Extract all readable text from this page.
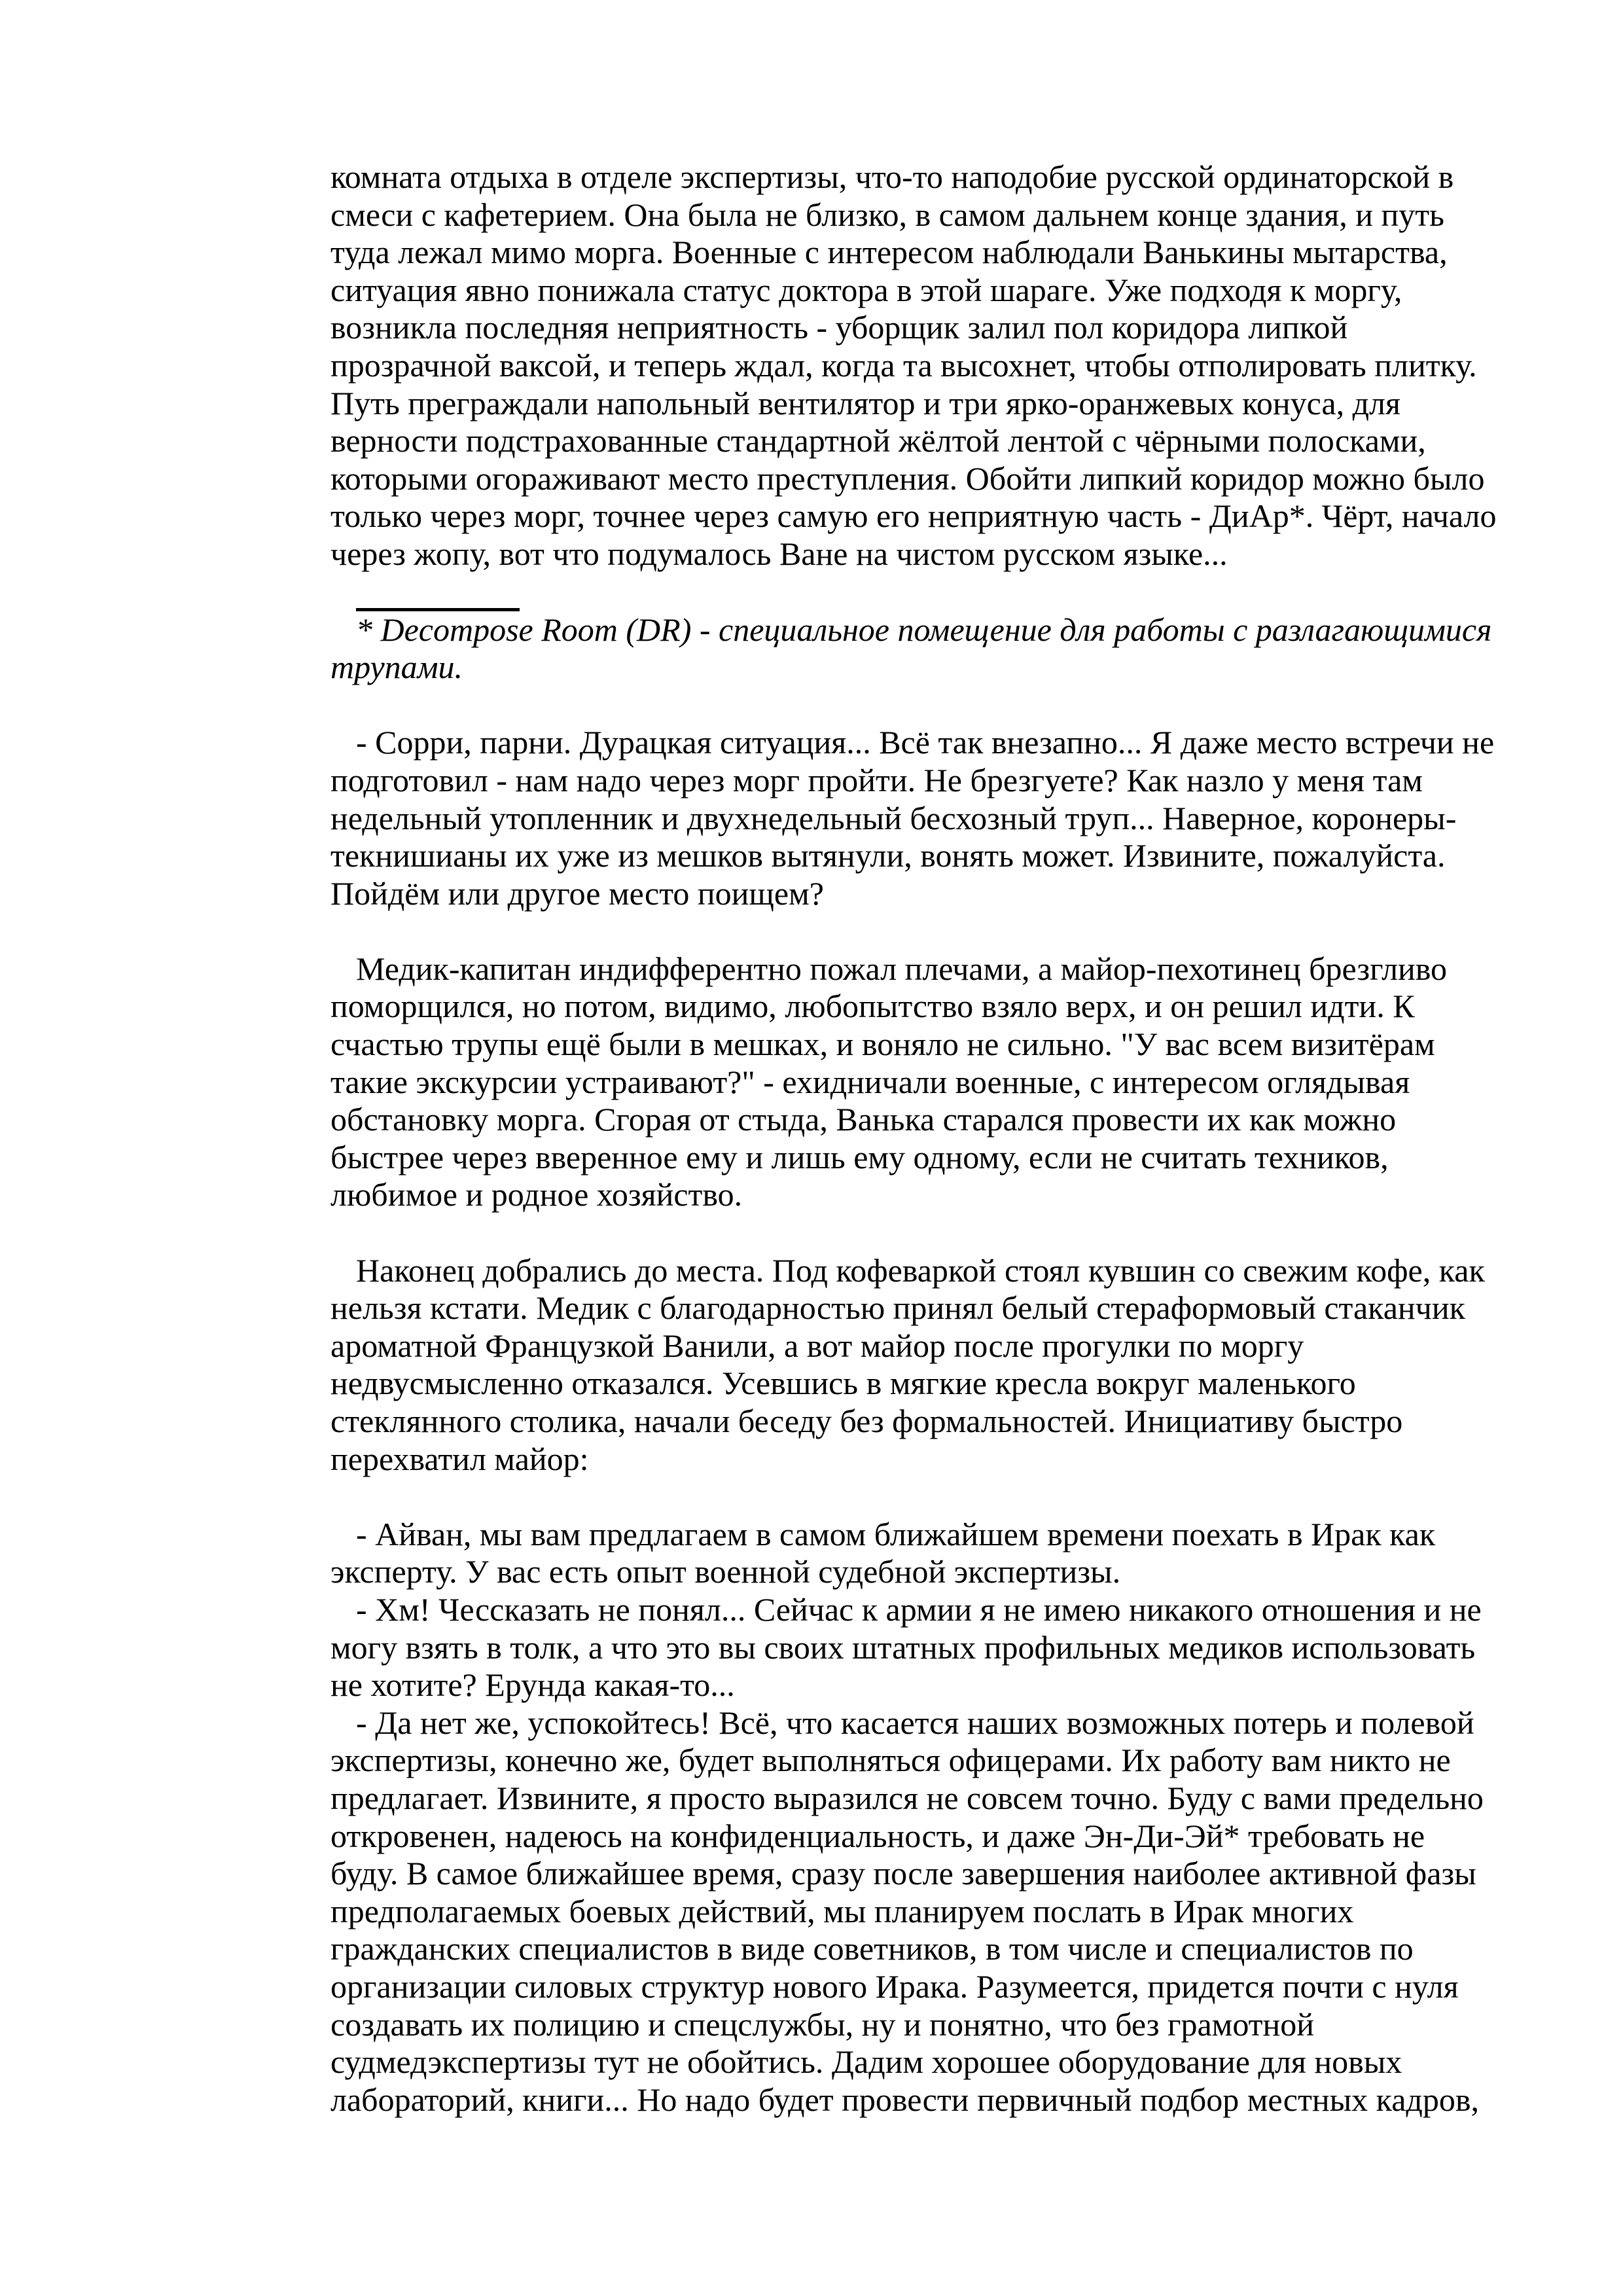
комната отдыха в отделе экспертизы, что-то наподобие русской ординаторской в
смеси с кафетерием. Она была не близко, в самом дальнем конце здания, и путь
туда лежал мимо морга. Военные с интересом наблюдали Ванькины мытарства,
ситуация явно понижала статус доктора в этой шараге. Уже подходя к моргу,
возникла последняя неприятность - уборщик залил пол коридора липкой
прозрачной ваксой, и теперь ждал, когда та высохнет, чтобы отполировать плитку.
Путь преграждали напольный вентилятор и три ярко-оранжевых конуса, для
верности подстрахованные стандартной жёлтой лентой с чёрными полосками,
которыми огораживают место преступления. Обойти липкий коридор можно было
только через морг, точнее через самую его неприятную часть - ДиАр*. Чёрт, начало
через жопу, вот что подумалось Ване на чистом русском языке...
* Decompose Room (DR) - специальное помещение для работы с разлагающимися
трупами.
- Сорри, парни. Дурацкая ситуация... Всё так внезапно... Я даже место встречи не
подготовил - нам надо через морг пройти. Не брезгуете? Как назло у меня там
недельный утопленник и двухнедельный бесхозный труп... Наверное, коронеры-
текнишианы их уже из мешков вытянули, вонять может. Извините, пожалуйста.
Пойдём или другое место поищем?
Медик-капитан индифферентно пожал плечами, а майор-пехотинец брезгливо
поморщился, но потом, видимо, любопытство взяло верх, и он решил идти. К
счастью трупы ещё были в мешках, и воняло не сильно. "У вас всем визитёрам
такие экскурсии устраивают?" - ехидничали военные, с интересом оглядывая
обстановку морга. Сгорая от стыда, Ванька старался провести их как можно
быстрее через вверенное ему и лишь ему одному, если не считать техников,
любимое и родное хозяйство.
Наконец добрались до места. Под кофеваркой стоял кувшин со свежим кофе, как
нельзя кстати. Медик с благодарностью принял белый стераформовый стаканчик
ароматной Французкой Ванили, а вот майор после прогулки по моргу
недвусмысленно отказался. Усевшись в мягкие кресла вокруг маленького
стеклянного столика, начали беседу без формальностей. Инициативу быстро
перехватил майор:
- Айван, мы вам предлагаем в самом ближайшем времени поехать в Ирак как
эксперту. У вас есть опыт военной судебной экспертизы.
- Хм! Чессказать не понял... Сейчас к армии я не имею никакого отношения и не
могу взять в толк, а что это вы своих штатных профильных медиков использовать
не хотите? Ерунда какая-то...
- Да нет же, успокойтесь! Всё, что касается наших возможных потерь и полевой
экспертизы, конечно же, будет выполняться офицерами. Их работу вам никто не
предлагает. Извините, я просто выразился не совсем точно. Буду с вами предельно
откровенен, надеюсь на конфиденциальность, и даже Эн-Ди-Эй* требовать не
буду. В самое ближайшее время, сразу после завершения наиболее активной фазы
предполагаемых боевых действий, мы планируем послать в Ирак многих
гражданских специалистов в виде советников, в том числе и специалистов по
организации силовых структур нового Ирака. Разумеется, придется почти с нуля
создавать их полицию и спецслужбы, ну и понятно, что без грамотной
судмедэкспертизы тут не обойтись. Дадим хорошее оборудование для новых
лабораторий, книги... Но надо будет провести первичный подбор местных кадров,
